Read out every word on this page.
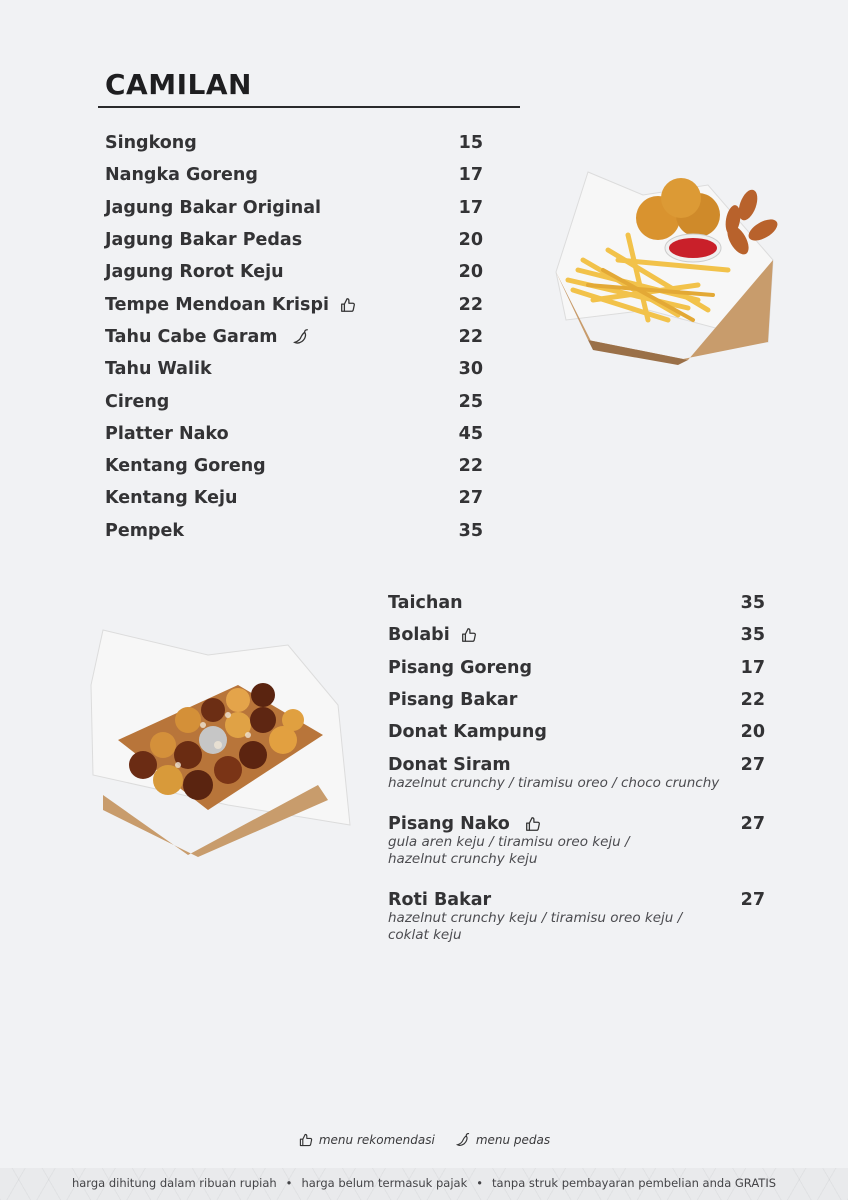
CAMILAN
Singkong	15
Nangka Goreng	17
Jagung Bakar Original	17
Jagung Bakar Pedas	20
Jagung Rorot Keju	20
Tempe Mendoan Krispi	22
Tahu Cabe Garam	22
Tahu Walik	30
Cireng	25
Platter Nako	45
Kentang Goreng	22
Kentang Keju	27
Pempek	35
Taichan	35
Bolabi	35
Pisang Goreng	17
Pisang Bakar	22
Donat Kampung	20
Donat Siram	27
hazelnut crunchy / tiramisu oreo / choco crunchy
Pisang Nako	27
gula aren keju / tiramisu oreo keju /
hazelnut crunchy keju
Roti Bakar	27
hazelnut crunchy keju / tiramisu oreo keju /
coklat keju
menu rekomendasi	menu pedas
harga dihitung dalam ribuan rupiah • harga belum termasuk pajak • tanpa struk pembayaran pembelian anda GRATIS
